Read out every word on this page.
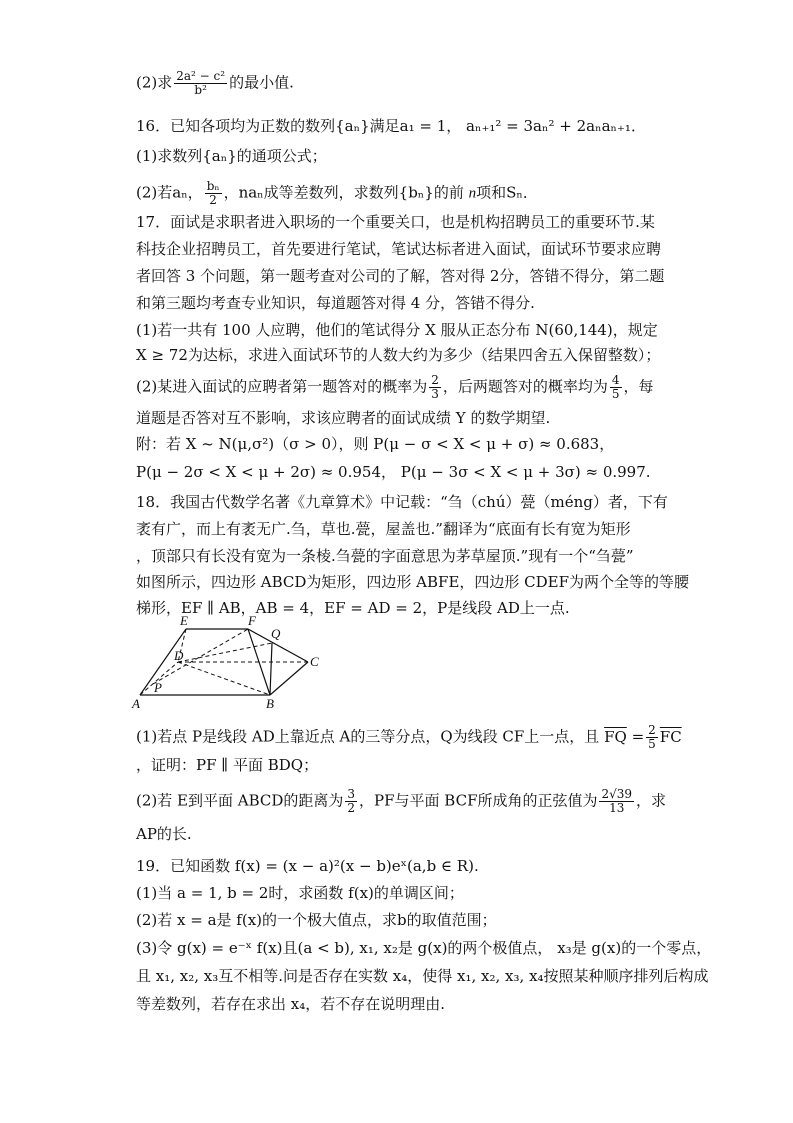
(2)求 $\frac{\text{2a² − c²}}{\text{b²}}$ 的最小值.
16．已知各项均为正数的数列{aₙ}满足a₁ = 1， aₙ₊₁² = 3aₙ² + 2aₙaₙ₊₁．
(1)求数列{aₙ}的通项公式；
(2)若aₙ， $\frac{\text{bₙ}}{2}$ ，naₙ成等差数列，求数列{bₙ}的前 n项和Sₙ．
17．面试是求职者进入职场的一个重要关口，也是机构招聘员工的重要环节.某
科技企业招聘员工，首先要进行笔试，笔试达标者进入面试，面试环节要求应聘
者回答 3 个问题，第一题考查对公司的了解，答对得 2分，答错不得分，第二题
和第三题均考查专业知识，每道题答对得 4 分，答错不得分.
(1)若一共有 100 人应聘，他们的笔试得分 X 服从正态分布 N(60,144)，规定
X ≥ 72为达标，求进入面试环节的人数大约为多少（结果四舍五入保留整数）；
(2)某进入面试的应聘者第一题答对的概率为 $\frac{2}{3}$ ，后两题答对的概率均为 $\frac{4}{5}$ ，每
道题是否答对互不影响，求该应聘者的面试成绩 Y 的数学期望.
附：若 X ~ N(μ,σ²)（σ > 0），则 P(μ − σ < X < μ + σ) ≈ 0.683，
P(μ − 2σ < X < μ + 2σ) ≈ 0.954， P(μ − 3σ < X < μ + 3σ) ≈ 0.997.
18．我国古代数学名著《九章算术》中记载：“刍（chú）甍（méng）者，下有
袤有广，而上有袤无广.刍，草也.甍，屋盖也.”翻译为“底面有长有宽为矩形
，顶部只有长没有宽为一条棱.刍甍的字面意思为茅草屋顶.”现有一个“刍甍”
如图所示，四边形 ABCD为矩形，四边形 ABFE，四边形 CDEF为两个全等的等腰
梯形，EF ∥ AB，AB = 4，EF = AD = 2，P是线段 AD上一点.
E	F
Q
D	C
P
A	B
(1)若点 P是线段 AD上靠近点 A的三等分点，Q为线段 CF上一点，且 $\overline{FQ} = \frac{2}{5} \overline{FC}$
，证明：PF ∥ 平面 BDQ；
(2)若 E到平面 ABCD的距离为 $\frac{3}{2}$ ，PF与平面 BCF所成角的正弦值为 $\frac{2√39}{13}$ ，求
AP的长.
19．已知函数 f(x) = (x − a)²(x − b)eˣ(a,b ∈ R).
(1)当 a = 1, b = 2时，求函数 f(x)的单调区间；
(2)若 x = a是 f(x)的一个极大值点，求b的取值范围；
(3)令 g(x) = e⁻ˣ f(x)且(a < b), x₁, x₂是 g(x)的两个极值点， x₃是 g(x)的一个零点，
且 x₁, x₂, x₃互不相等.问是否存在实数 x₄，使得 x₁, x₂, x₃, x₄按照某种顺序排列后构成
等差数列，若存在求出 x₄，若不存在说明理由.
